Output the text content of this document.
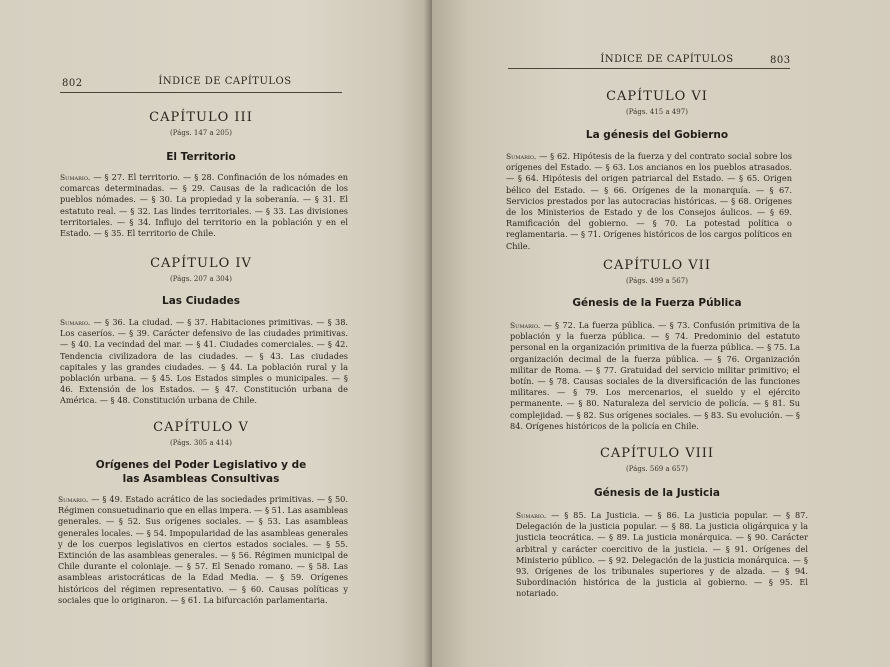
802	ÍNDICE DE CAPÍTULOS
CAPÍTULO III
(Págs. 147 a 205)
El Territorio
Sumario. — § 27. El territorio. — § 28. Confinación de los nómades en comarcas determinadas. — § 29. Causas de la radicación de los pueblos nómades. — § 30. La propiedad y la soberanía. — § 31. El estatuto real. — § 32. Las lindes territoriales. — § 33. Las divisiones territoriales. — § 34. Influjo del territorio en la población y en el Estado. — § 35. El territorio de Chile.
CAPÍTULO IV
(Págs. 207 a 304)
Las Ciudades
Sumario. — § 36. La ciudad. — § 37. Habitaciones primitivas. — § 38. Los caseríos. — § 39. Carácter defensivo de las ciudades primitivas. — § 40. La vecindad del mar. — § 41. Ciudades comerciales. — § 42. Tendencia civilizadora de las ciudades. — § 43. Las ciudades capitales y las grandes ciudades. — § 44. La población rural y la población urbana. — § 45. Los Estados simples o municipales. — § 46. Extensión de los Estados. — § 47. Constitución urbana de América. — § 48. Constitución urbana de Chile.
CAPÍTULO V
(Págs. 305 a 414)
Orígenes del Poder Legislativo y de las Asambleas Consultivas
Sumario. — § 49. Estado acrático de las sociedades primitivas. — § 50. Régimen consuetudinario que en ellas impera. — § 51. Las asambleas generales. — § 52. Sus orígenes sociales. — § 53. Las asambleas generales locales. — § 54. Impopularidad de las asambleas generales y de los cuerpos legislativos en ciertos estados sociales. — § 55. Extinción de las asambleas generales. — § 56. Régimen municipal de Chile durante el coloniaje. — § 57. El Senado romano. — § 58. Las asambleas aristocráticas de la Edad Media. — § 59. Orígenes históricos del régimen representativo. — § 60. Causas políticas y sociales que lo originaron. — § 61. La bifurcación parlamentaria.
ÍNDICE DE CAPÍTULOS	803
CAPÍTULO VI
(Págs. 415 a 497)
La génesis del Gobierno
Sumario. — § 62. Hipótesis de la fuerza y del contrato social sobre los orígenes del Estado. — § 63. Los ancianos en los pueblos atrasados. — § 64. Hipótesis del origen patriarcal del Estado. — § 65. Origen bélico del Estado. — § 66. Orígenes de la monarquía. — § 67. Servicios prestados por las autocracias históricas. — § 68. Orígenes de los Ministerios de Estado y de los Consejos áulicos. — § 69. Ramificación del gobierno. — § 70. La potestad política o reglamentaria. — § 71. Orígenes históricos de los cargos políticos en Chile.
CAPÍTULO VII
(Págs. 499 a 567)
Génesis de la Fuerza Pública
Sumario. — § 72. La fuerza pública. — § 73. Confusión primitiva de la población y la fuerza pública. — § 74. Predominio del estatuto personal en la organización primitiva de la fuerza pública. — § 75. La organización decimal de la fuerza pública. — § 76. Organización militar de Roma. — § 77. Gratuidad del servicio militar primitivo; el botín. — § 78. Causas sociales de la diversificación de las funciones militares. — § 79. Los mercenarios, el sueldo y el ejército permanente. — § 80. Naturaleza del servicio de policía. — § 81. Su complejidad. — § 82. Sus orígenes sociales. — § 83. Su evolución. — § 84. Orígenes históricos de la policía en Chile.
CAPÍTULO VIII
(Págs. 569 a 657)
Génesis de la Justicia
Sumario. — § 85. La Justicia. — § 86. La justicia popular. — § 87. Delegación de la justicia popular. — § 88. La justicia oligárquica y la justicia teocrática. — § 89. La justicia monárquica. — § 90. Carácter arbitral y carácter coercitivo de la justicia. — § 91. Orígenes del Ministerio público. — § 92. Delegación de la justicia monárquica. — § 93. Orígenes de los tribunales superiores y de alzada. — § 94. Subordinación histórica de la justicia al gobierno. — § 95. El notariado.
